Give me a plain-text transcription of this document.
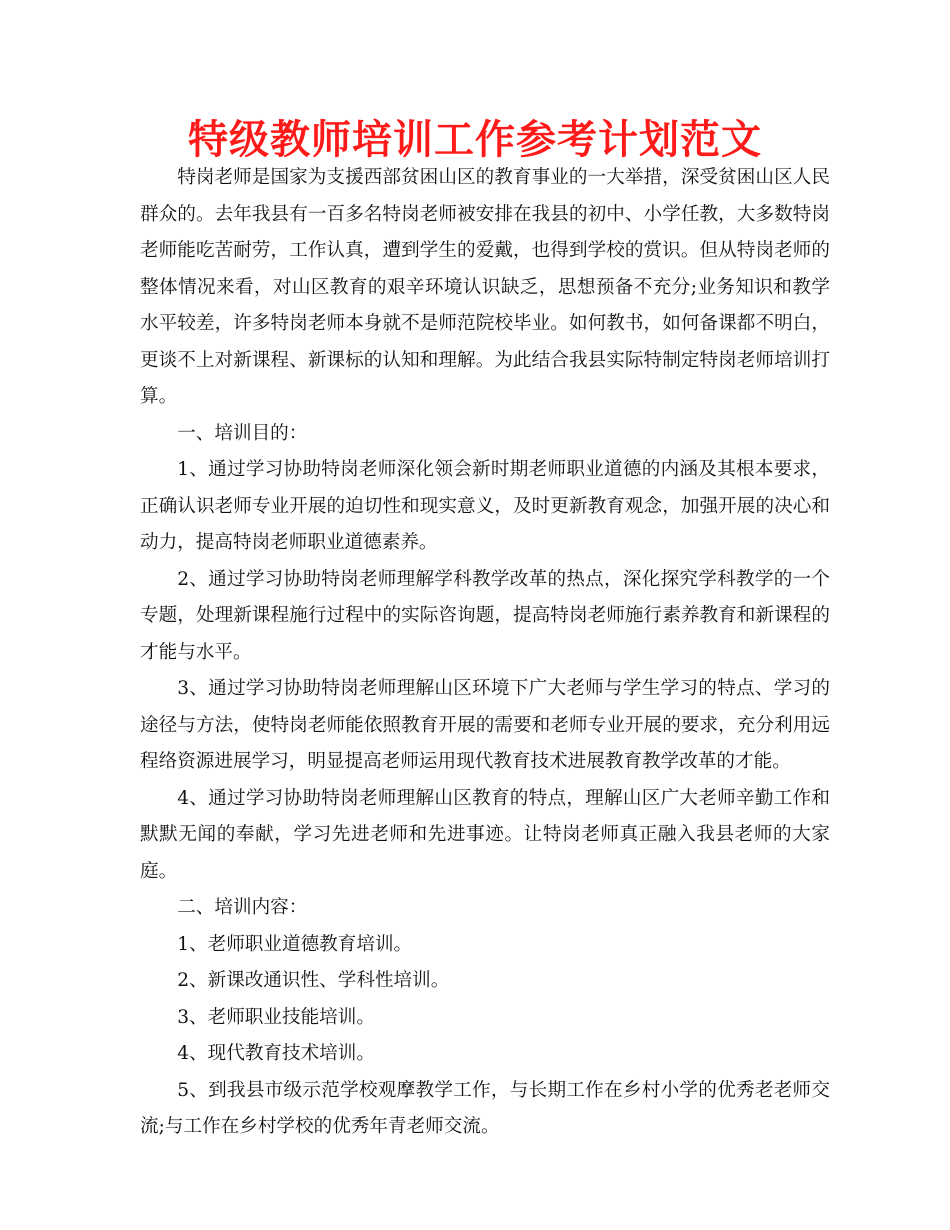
特级教师培训工作参考计划范文

特岗老师是国家为支援西部贫困山区的教育事业的一大举措，深受贫困山区人民群众的。去年我县有一百多名特岗老师被安排在我县的初中、小学任教，大多数特岗老师能吃苦耐劳，工作认真，遭到学生的爱戴，也得到学校的赏识。但从特岗老师的整体情况来看，对山区教育的艰辛环境认识缺乏，思想预备不充分;业务知识和教学水平较差，许多特岗老师本身就不是师范院校毕业。如何教书，如何备课都不明白，更谈不上对新课程、新课标的认知和理解。为此结合我县实际特制定特岗老师培训打算。

一、培训目的：

1、通过学习协助特岗老师深化领会新时期老师职业道德的内涵及其根本要求，正确认识老师专业开展的迫切性和现实意义，及时更新教育观念，加强开展的决心和动力，提高特岗老师职业道德素养。

2、通过学习协助特岗老师理解学科教学改革的热点，深化探究学科教学的一个专题，处理新课程施行过程中的实际咨询题，提高特岗老师施行素养教育和新课程的才能与水平。

3、通过学习协助特岗老师理解山区环境下广大老师与学生学习的特点、学习的途径与方法，使特岗老师能依照教育开展的需要和老师专业开展的要求，充分利用远程络资源进展学习，明显提高老师运用现代教育技术进展教育教学改革的才能。

4、通过学习协助特岗老师理解山区教育的特点，理解山区广大老师辛勤工作和默默无闻的奉献，学习先进老师和先进事迹。让特岗老师真正融入我县老师的大家庭。

二、培训内容：

1、老师职业道德教育培训。

2、新课改通识性、学科性培训。

3、老师职业技能培训。

4、现代教育技术培训。

5、到我县市级示范学校观摩教学工作，与长期工作在乡村小学的优秀老老师交流;与工作在乡村学校的优秀年青老师交流。
